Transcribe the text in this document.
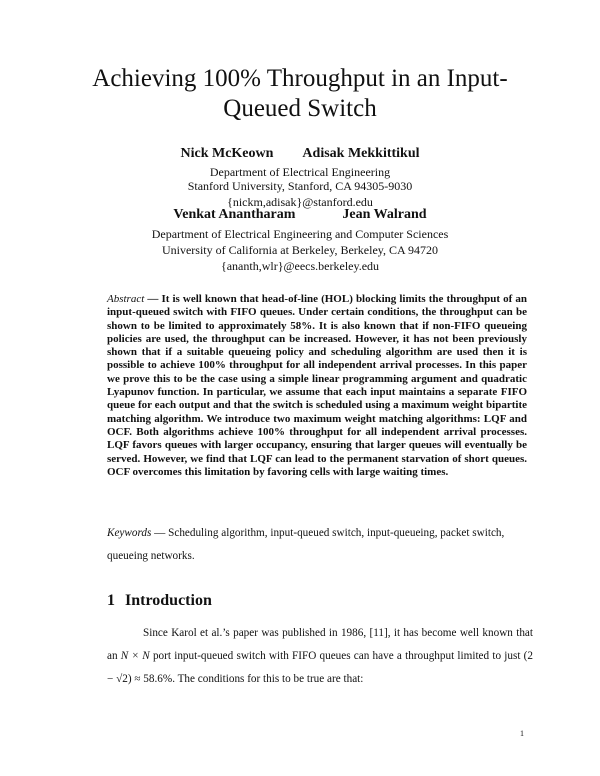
Achieving 100% Throughput in an Input-Queued Switch
Nick McKeown Adisak Mekkittikul
Department of Electrical Engineering
Stanford University, Stanford, CA 94305-9030
{nickm,adisak}@stanford.edu
Venkat Anantharam	Jean Walrand
Department of Electrical Engineering and Computer Sciences
University of California at Berkeley, Berkeley, CA 94720
{ananth,wlr}@eecs.berkeley.edu
Abstract — It is well known that head-of-line (HOL) blocking limits the throughput of an input-queued switch with FIFO queues. Under certain conditions, the throughput can be shown to be limited to approximately 58%. It is also known that if non-FIFO queueing policies are used, the throughput can be increased. However, it has not been previously shown that if a suitable queueing policy and scheduling algorithm are used then it is possible to achieve 100% throughput for all independent arrival processes. In this paper we prove this to be the case using a simple linear programming argument and quadratic Lyapunov function. In particular, we assume that each input maintains a separate FIFO queue for each output and that the switch is scheduled using a maximum weight bipartite matching algorithm. We introduce two maximum weight matching algorithms: LQF and OCF. Both algorithms achieve 100% throughput for all independent arrival processes. LQF favors queues with larger occupancy, ensuring that larger queues will eventually be served. However, we find that LQF can lead to the permanent starvation of short queues. OCF overcomes this limitation by favoring cells with large waiting times.
Keywords — Scheduling algorithm, input-queued switch, input-queueing, packet switch, queueing networks.
1 Introduction
Since Karol et al.’s paper was published in 1986, [11], it has become well known that an N × N port input-queued switch with FIFO queues can have a throughput limited to just (2 − √2) ≈ 58.6%. The conditions for this to be true are that:
1
